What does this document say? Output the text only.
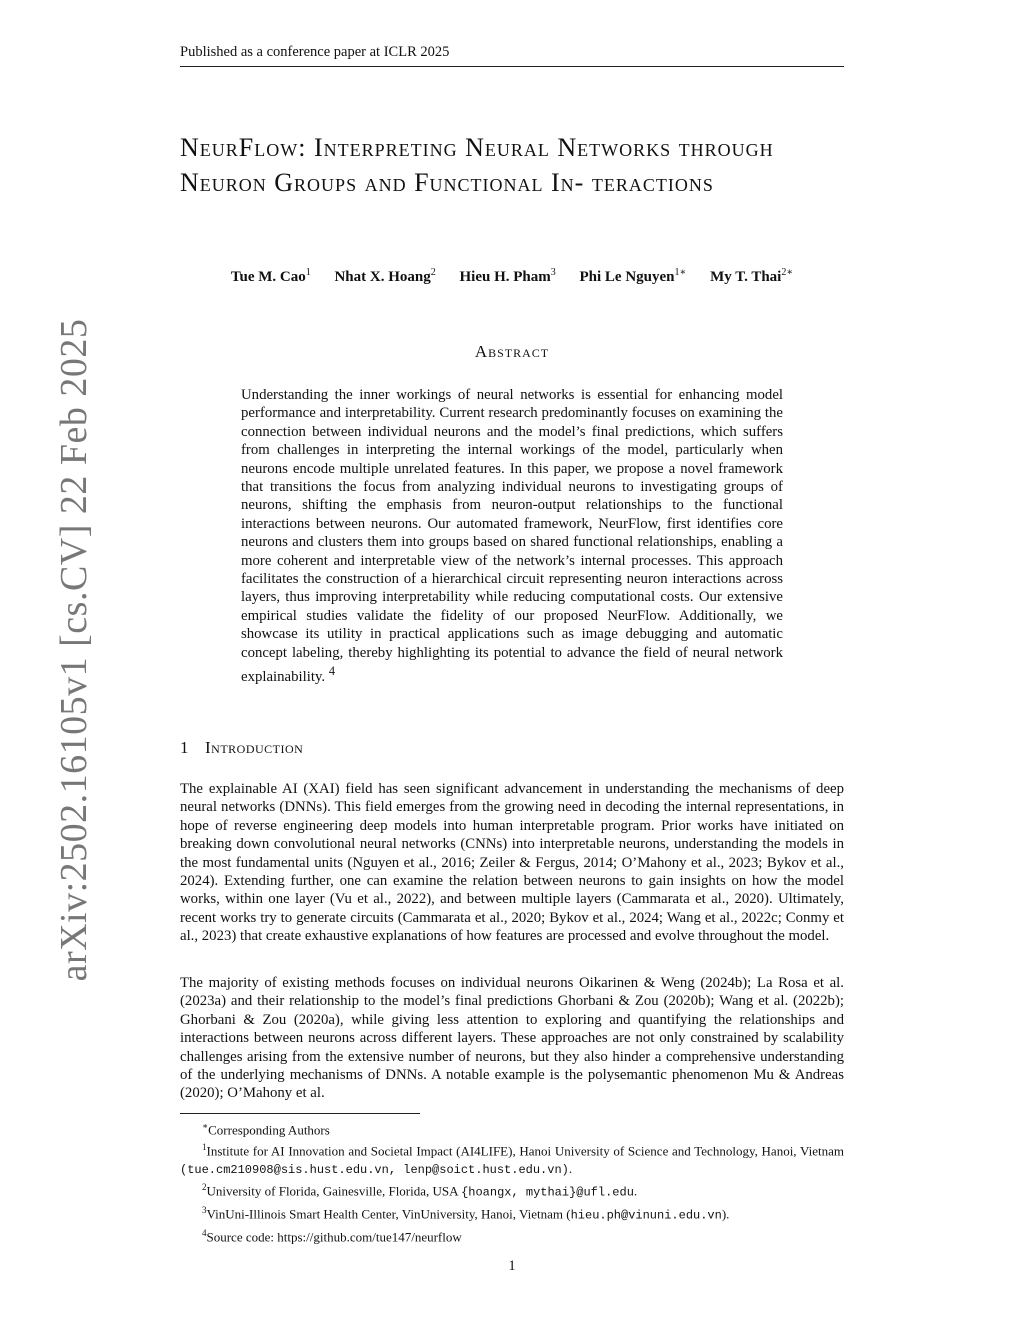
Published as a conference paper at ICLR 2025
NeurFlow: Interpreting Neural Networks through Neuron Groups and Functional In- teractions
Tue M. Cao$^1$ Nhat X. Hoang$^2$ Hieu H. Pham$^3$ Phi Le Nguyen$^{1∗}$ My T. Thai$^{2∗}$
Abstract
Understanding the inner workings of neural networks is essential for enhancing model performance and interpretability. Current research predominantly focuses on examining the connection between individual neurons and the model’s final predictions, which suffers from challenges in interpreting the internal workings of the model, particularly when neurons encode multiple unrelated features. In this paper, we propose a novel framework that transitions the focus from analyzing individual neurons to investigating groups of neurons, shifting the emphasis from neuron-output relationships to the functional interactions between neurons. Our automated framework, NeurFlow, first identifies core neurons and clusters them into groups based on shared functional relationships, enabling a more coherent and interpretable view of the network’s internal processes. This approach facilitates the construction of a hierarchical circuit representing neuron interactions across layers, thus improving interpretability while reducing computational costs. Our extensive empirical studies validate the fidelity of our proposed NeurFlow. Additionally, we showcase its utility in practical applications such as image debugging and automatic concept labeling, thereby highlighting its potential to advance the field of neural network explainability. $^4$
1 Introduction
The explainable AI (XAI) field has seen significant advancement in understanding the mechanisms of deep neural networks (DNNs). This field emerges from the growing need in decoding the internal representations, in hope of reverse engineering deep models into human interpretable program. Prior works have initiated on breaking down convolutional neural networks (CNNs) into interpretable neurons, understanding the models in the most fundamental units (Nguyen et al., 2016; Zeiler & Fergus, 2014; O’Mahony et al., 2023; Bykov et al., 2024). Extending further, one can examine the relation between neurons to gain insights on how the model works, within one layer (Vu et al., 2022), and between multiple layers (Cammarata et al., 2020). Ultimately, recent works try to generate circuits (Cammarata et al., 2020; Bykov et al., 2024; Wang et al., 2022c; Conmy et al., 2023) that create exhaustive explanations of how features are processed and evolve throughout the model.
The majority of existing methods focuses on individual neurons Oikarinen & Weng (2024b); La Rosa et al. (2023a) and their relationship to the model’s final predictions Ghorbani & Zou (2020b); Wang et al. (2022b); Ghorbani & Zou (2020a), while giving less attention to exploring and quantifying the relationships and interactions between neurons across different layers. These approaches are not only constrained by scalability challenges arising from the extensive number of neurons, but they also hinder a comprehensive understanding of the underlying mechanisms of DNNs. A notable example is the polysemantic phenomenon Mu & Andreas (2020); O’Mahony et al.
∗Corresponding Authors
$^1$Institute for AI Innovation and Societal Impact (AI4LIFE), Hanoi University of Science and Technology, Hanoi, Vietnam (tue.cm210908@sis.hust.edu.vn, lenp@soict.hust.edu.vn).
$^2$University of Florida, Gainesville, Florida, USA {hoangx, mythai}@ufl.edu.
$^3$VinUni-Illinois Smart Health Center, VinUniversity, Hanoi, Vietnam (hieu.ph@vinuni.edu.vn).
$^4$Source code: https://github.com/tue147/neurflow
1
arXiv:2502.16105v1 [cs.CV] 22 Feb 2025
